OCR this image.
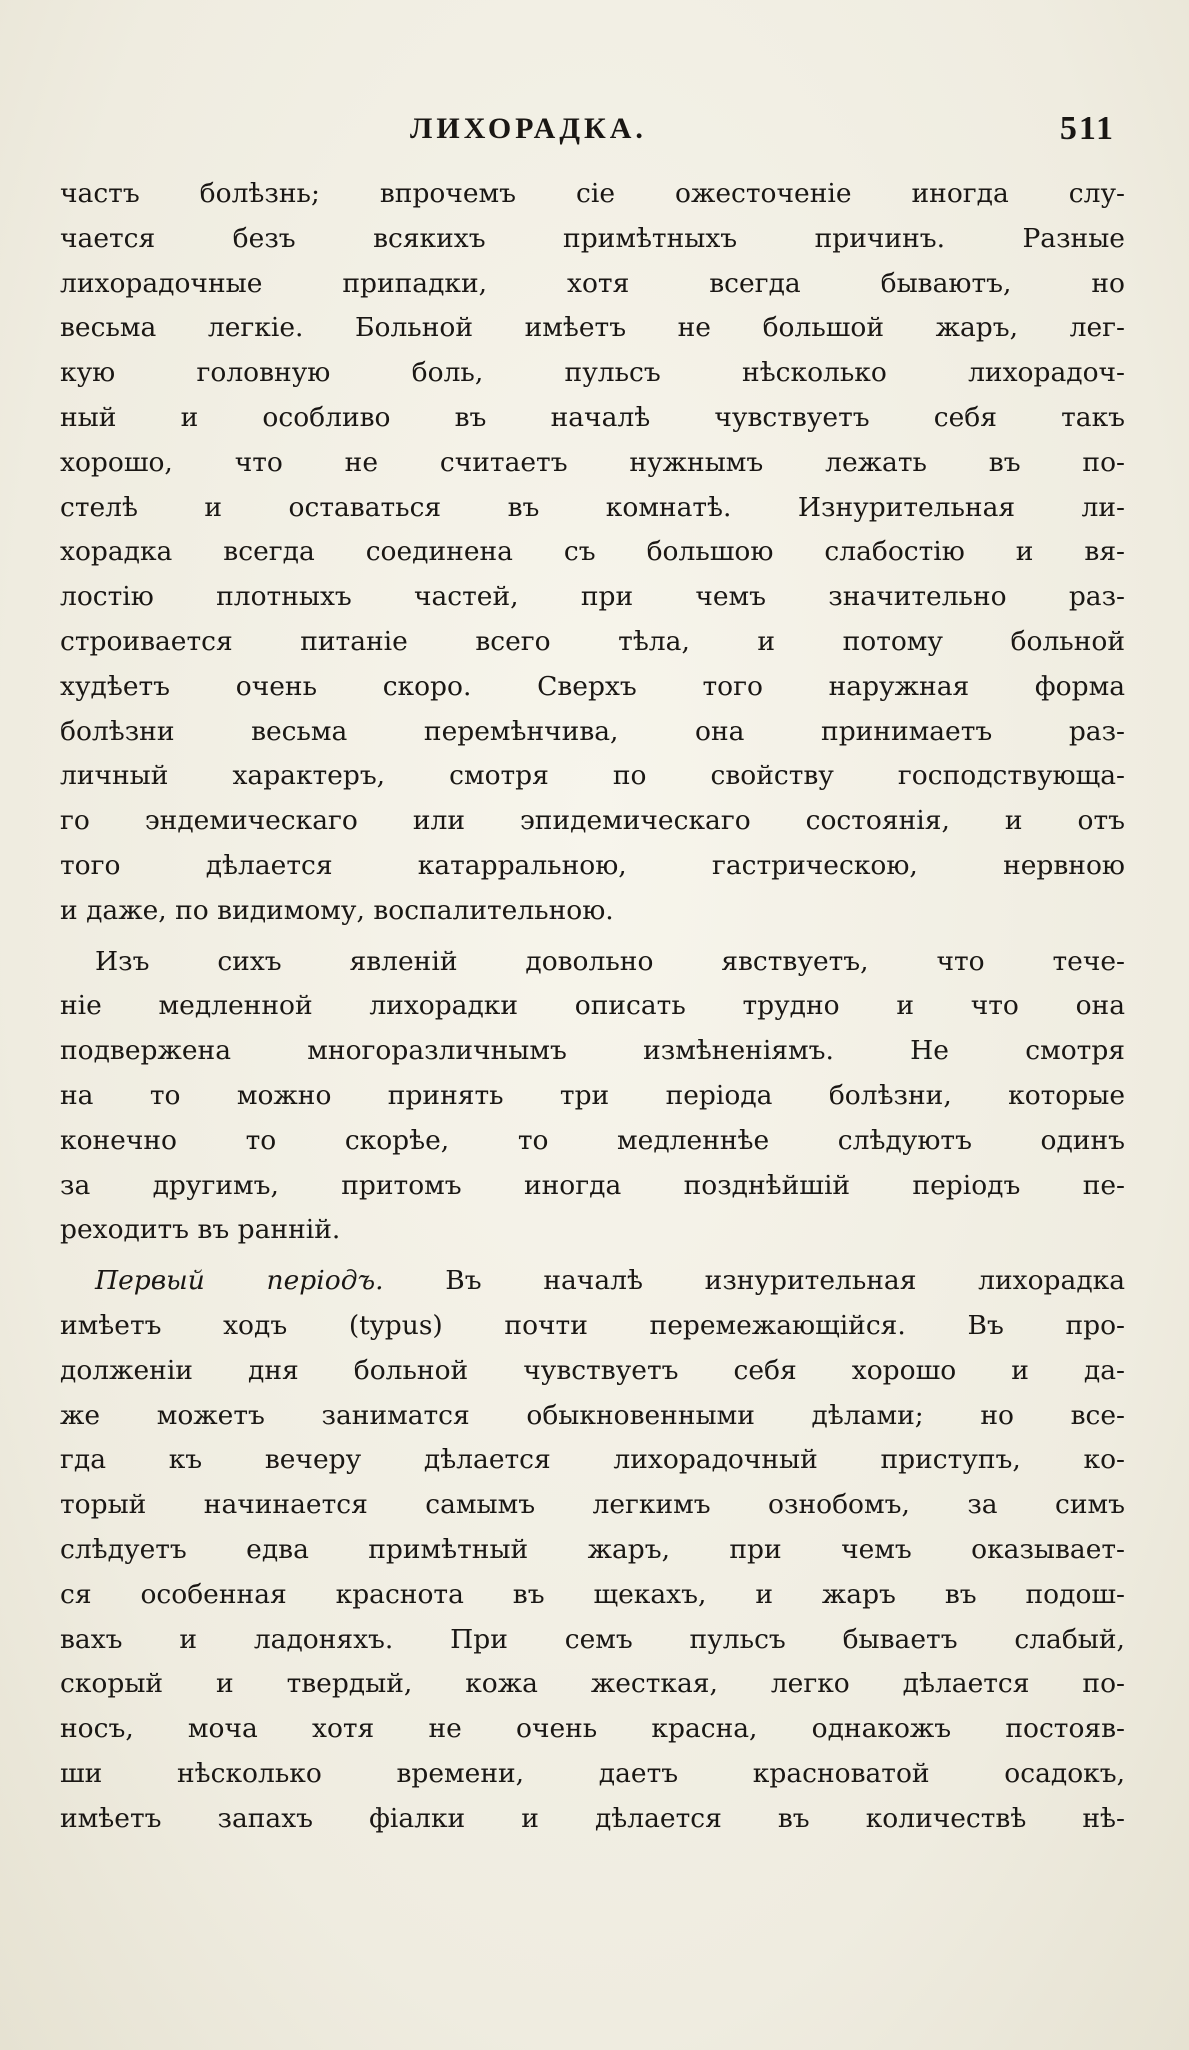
ЛИХОРАДКА.	511
частъ болѣзнь; впрочемъ сіе ожесточеніе иногда слу-
чается безъ всякихъ примѣтныхъ причинъ. Разные
лихорадочные припадки, хотя всегда бываютъ, но
весьма легкіе. Больной имѣетъ не большой жаръ, лег-
кую головную боль, пульсъ нѣсколько лихорадоч-
ный и особливо въ началѣ чувствуетъ себя такъ
хорошо, что не считаетъ нужнымъ лежать въ по-
стелѣ и оставаться въ комнатѣ. Изнурительная ли-
хорадка всегда соединена съ большою слабостію и вя-
лостію плотныхъ частей, при чемъ значительно раз-
строивается питаніе всего тѣла, и потому больной
худѣетъ очень скоро. Сверхъ того наружная форма
болѣзни весьма перемѣнчива, она принимаетъ раз-
личный характеръ, смотря по свойству господствующа-
го эндемическаго или эпидемическаго состоянія, и отъ
того дѣлается катарральною, гастрическою, нервною
и даже, по видимому, воспалительною.
Изъ сихъ явленій довольно явствуетъ, что тече-
ніе медленной лихорадки описать трудно и что она
подвержена многоразличнымъ измѣненіямъ. Не смотря
на то можно принять три періода болѣзни, которые
конечно то скорѣе, то медленнѣе слѣдуютъ одинъ
за другимъ, притомъ иногда позднѣйшій періодъ пе-
реходитъ въ ранній.
Первый періодъ. Въ началѣ изнурительная лихорадка
имѣетъ ходъ (typus) почти перемежающійся. Въ про-
долженіи дня больной чувствуетъ себя хорошо и да-
же можетъ заниматся обыкновенными дѣлами; но все-
гда къ вечеру дѣлается лихорадочный приступъ, ко-
торый начинается самымъ легкимъ ознобомъ, за симъ
слѣдуетъ едва примѣтный жаръ, при чемъ оказывает-
ся особенная краснота въ щекахъ, и жаръ въ подош-
вахъ и ладоняхъ. При семъ пульсъ бываетъ слабый,
скорый и твердый, кожа жесткая, легко дѣлается по-
носъ, моча хотя не очень красна, однакожъ постояв-
ши нѣсколько времени, даетъ красноватой осадокъ,
имѣетъ запахъ фіалки и дѣлается въ количествѣ нѣ-
